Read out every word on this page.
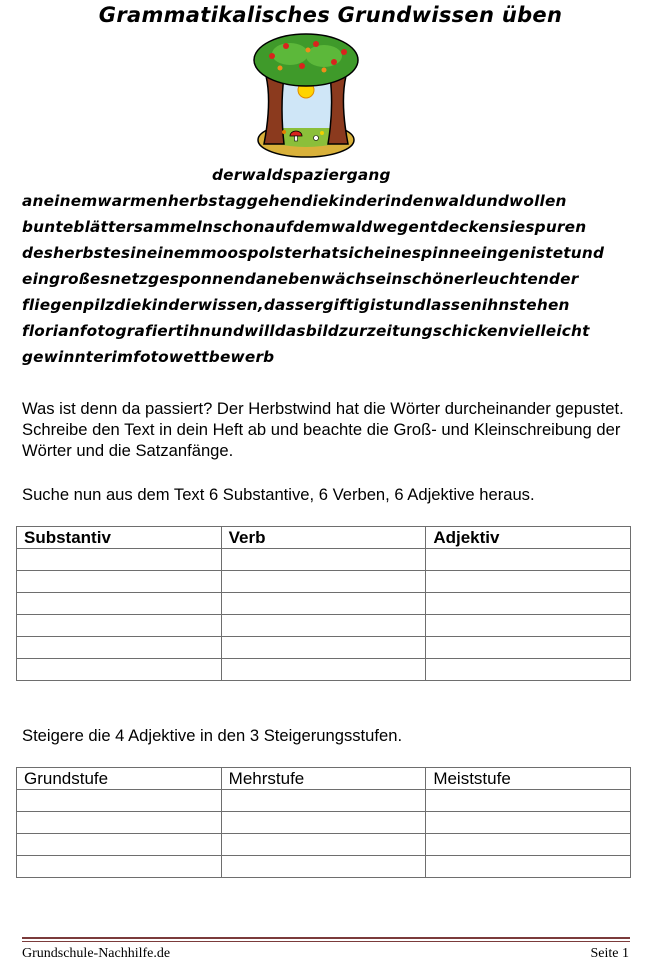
Grammatikalisches Grundwissen üben
derwaldspaziergang
aneinemwarmenherbstaggehendiekinderindenwaldundwollen
bunteblättersammelnschonaufdemwaldwegentdeckensiespuren
desherbstesineinemmoospolsterhatsicheinespinneeingenistetund
eingroßesnetzgesponnendanebenwächseinschönerleuchtender
fliegenpilzdiekinderwissen,dassergiftigistundlassenihnstehen
florianfotografiertihnundwilldasbildzurzeitungschickenvielleicht
gewinnterimfotowettbewerb
Was ist denn da passiert? Der Herbstwind hat die Wörter durcheinander gepustet. Schreibe den Text in dein Heft ab und beachte die Groß- und Kleinschreibung der Wörter und die Satzanfänge.
Suche nun aus dem Text 6 Substantive, 6 Verben, 6 Adjektive heraus.
Substantiv	Verb	Adjektiv

Steigere die 4 Adjektive in den 3 Steigerungsstufen.
Grundstufe	Mehrstufe	Meiststufe

Grundschule-Nachhilfe.de	Seite 1
